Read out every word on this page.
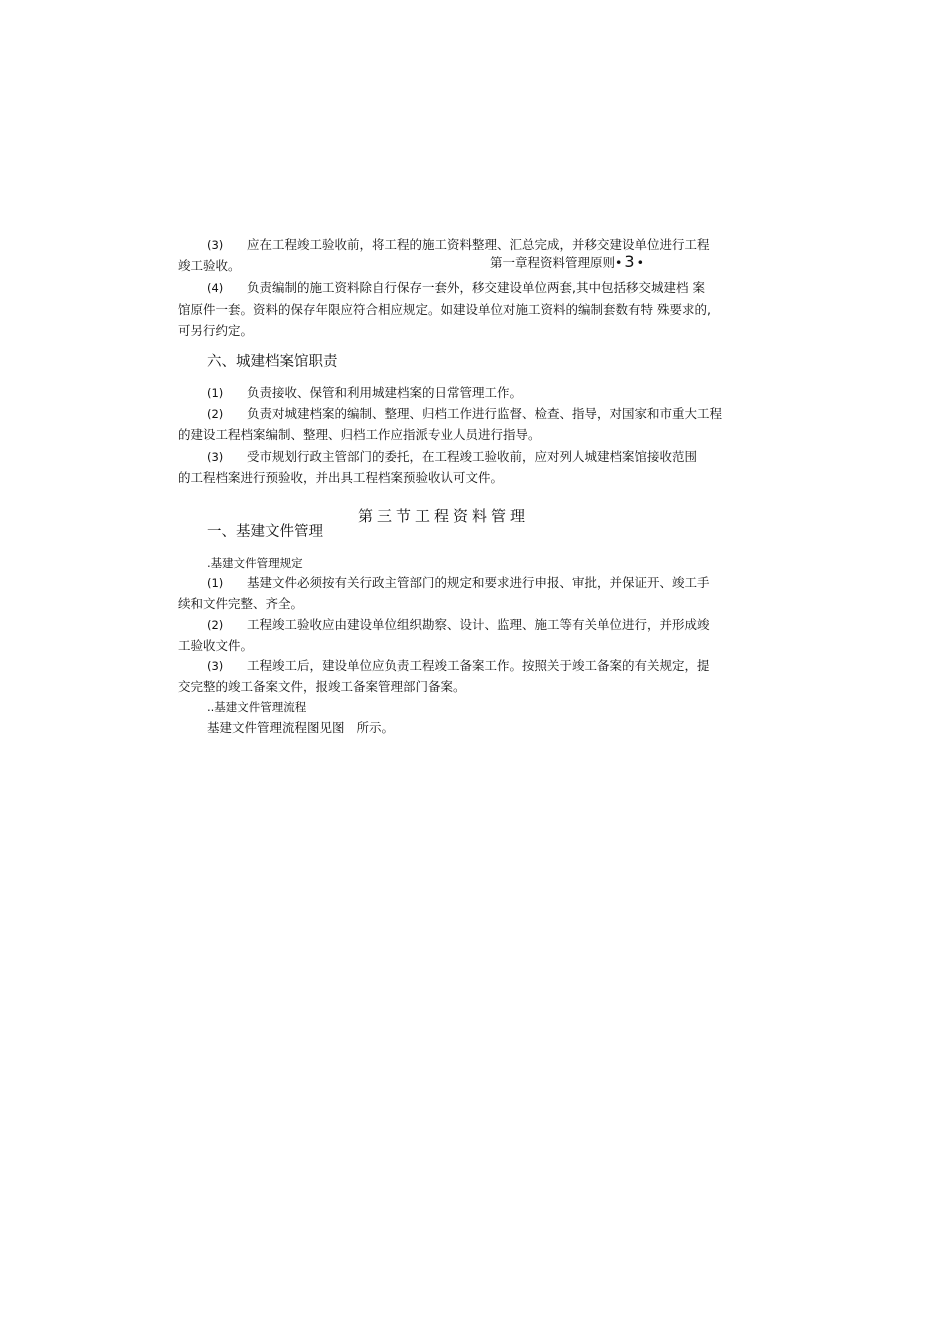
(3) 应在工程竣工验收前，将工程的施工资料整理、汇总完成，并移交建设单位进行工程
竣工验收。	第一章程资料管理原则• 3 •
(4) 负责编制的施工资料除自行保存一套外，移交建设单位两套,其中包括移交城建档 案
馆原件一套。资料的保存年限应符合相应规定。如建设单位对施工资料的编制套数有特 殊要求的,
可另行约定。
六、城建档案馆职责
(1) 负责接收、保管和利用城建档案的日常管理工作。
(2) 负责对城建档案的编制、整理、归档工作进行监督、检查、指导，对国家和市重大工程
的建设工程档案编制、整理、归档工作应指派专业人员进行指导。
(3) 受市规划行政主管部门的委托，在工程竣工验收前，应对列人城建档案馆接收范围
的工程档案进行预验收，并出具工程档案预验收认可文件。
第三节工程资料管理
一、基建文件管理
.基建文件管理规定
(1) 基建文件必须按有关行政主管部门的规定和要求进行申报、审批，并保证开、竣工手
续和文件完整、齐全。
(2) 工程竣工验收应由建设单位组织勘察、设计、监理、施工等有关单位进行，并形成竣
工验收文件。
(3) 工程竣工后，建设单位应负责工程竣工备案工作。按照关于竣工备案的有关规定，提
交完整的竣工备案文件，报竣工备案管理部门备案。
..基建文件管理流程
基建文件管理流程图见图 所示。
